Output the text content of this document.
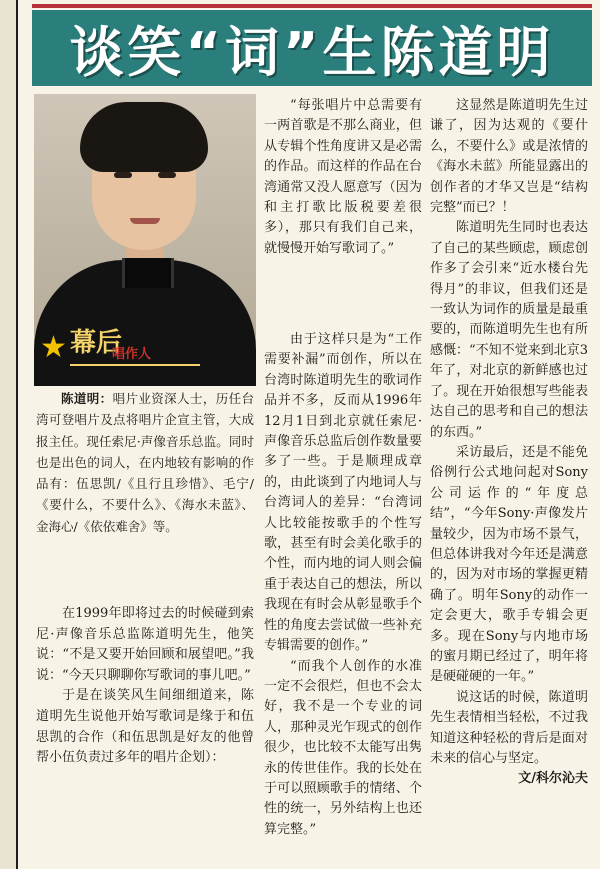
谈笑“词”生陈道明
★ 幕后
唱作人

陈道明：唱片业资深人士，历任台湾可登唱片及点将唱片企宣主管，大成报主任。现任索尼·声像音乐总监。同时也是出色的词人，在内地较有影响的作品有：伍思凯/《且行且珍惜》、毛宁/《要什么，不要什么》、《海水未蓝》、金海心/《依依难舍》等。

在1999年即将过去的时候碰到索尼·声像音乐总监陈道明先生，他笑说：“不是又要开始回顾和展望吧。”我说：“今天只聊聊你写歌词的事儿吧。”

于是在谈笑风生间细细道来，陈道明先生说他开始写歌词是缘于和伍思凯的合作（和伍思凯是好友的他曾帮小伍负责过多年的唱片企划）：

“每张唱片中总需要有一两首歌是不那么商业，但从专辑个性角度讲又是必需的作品。而这样的作品在台湾通常又没人愿意写（因为和主打歌比版税要差很多），那只有我们自己来，就慢慢开始写歌词了。”

由于这样只是为“工作需要补漏”而创作，所以在台湾时陈道明先生的歌词作品并不多，反而从1996年12月1日到北京就任索尼·声像音乐总监后创作数量要多了一些。于是顺理成章的，由此谈到了内地词人与台湾词人的差异：“台湾词人比较能按歌手的个性写歌，甚至有时会美化歌手的个性，而内地的词人则会偏重于表达自己的想法，所以我现在有时会从彰显歌手个性的角度去尝试做一些补充专辑需要的创作。”

“而我个人创作的水准一定不会很烂，但也不会太好，我不是一个专业的词人，那种灵光乍现式的创作很少，也比较不太能写出隽永的传世佳作。我的长处在于可以照顾歌手的情绪、个性的统一，另外结构上也还算完整。”

这显然是陈道明先生过谦了，因为达观的《要什么，不要什么》或是浓情的《海水未蓝》所能显露出的创作者的才华又岂是“结构完整”而已？！

陈道明先生同时也表达了自己的某些顾虑，顾虑创作多了会引来“近水楼台先得月”的非议，但我们还是一致认为词作的质量是最重要的，而陈道明先生也有所感慨：“不知不觉来到北京3年了，对北京的新鲜感也过了。现在开始很想写些能表达自己的思考和自己的想法的东西。”

采访最后，还是不能免俗例行公式地问起对Sony公司运作的“年度总结”，“今年Sony·声像发片量较少，因为市场不景气，但总体讲我对今年还是满意的，因为对市场的掌握更精确了。明年Sony的动作一定会更大，歌手专辑会更多。现在Sony与内地市场的蜜月期已经过了，明年将是硬碰硬的一年。”

说这话的时候，陈道明先生表情相当轻松，不过我知道这种轻松的背后是面对未来的信心与坚定。

文/科尔沁夫
